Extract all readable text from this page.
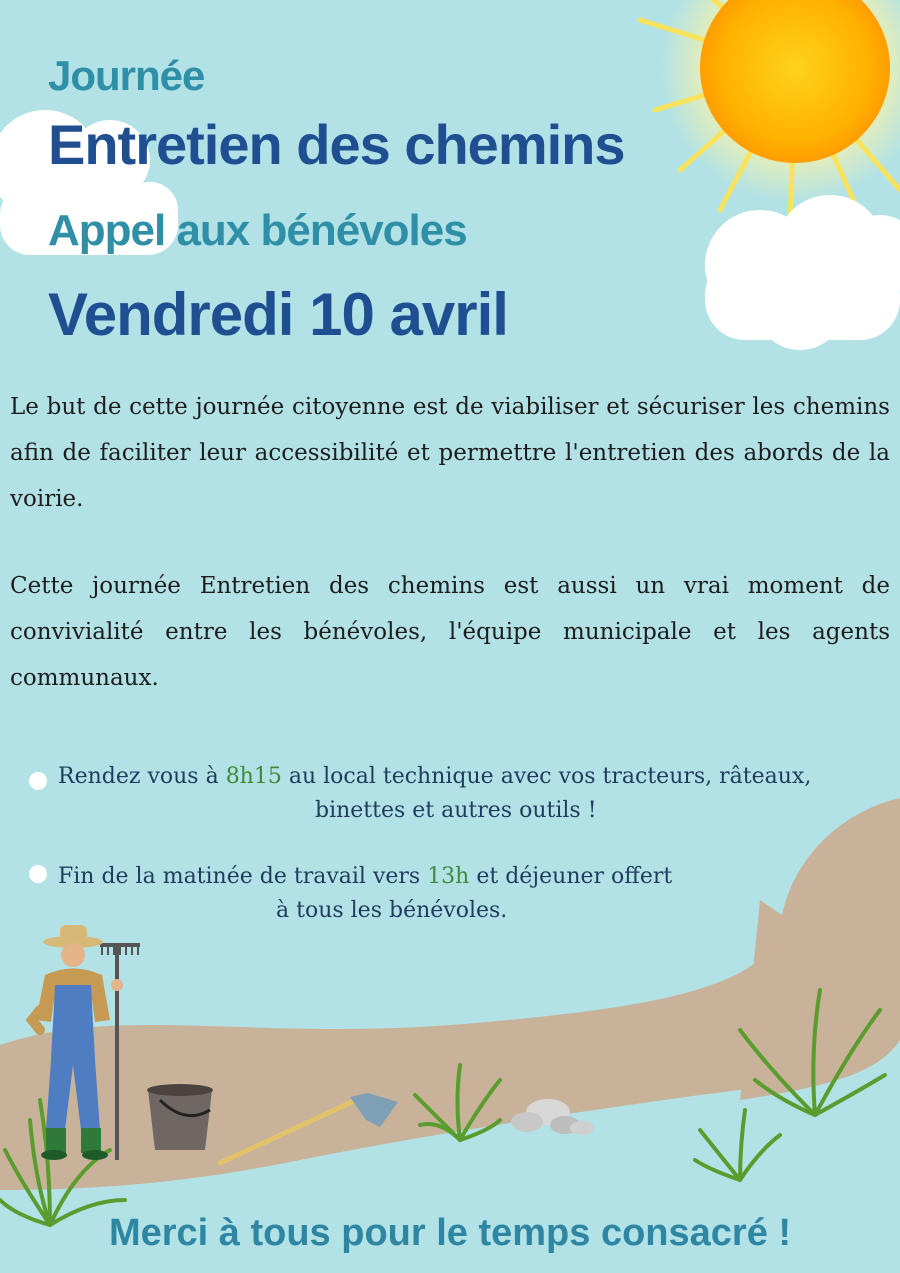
Journée
Entretien des chemins
Appel aux bénévoles
Vendredi 10 avril

Le but de cette journée citoyenne est de viabiliser et sécuriser les chemins afin de faciliter leur accessibilité et permettre l'entretien des abords de la voirie.

Cette journée Entretien des chemins est aussi un vrai moment de convivialité entre les bénévoles, l'équipe municipale et les agents communaux.

Rendez vous à 8h15 au local technique avec vos tracteurs, râteaux,
binettes et autres outils !
Fin de la matinée de travail vers 13h et déjeuner offert
à tous les bénévoles.

Merci à tous pour le temps consacré !
